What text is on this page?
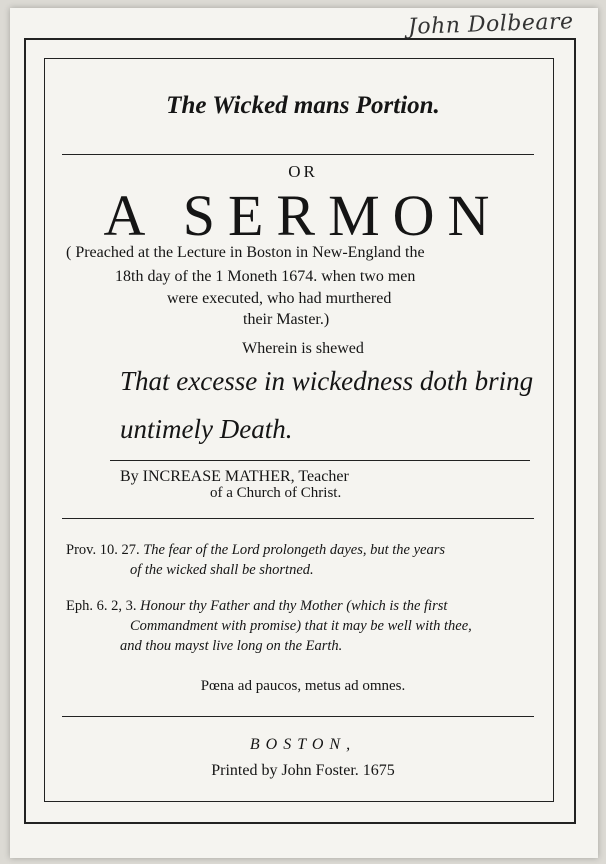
John Dolbeare
The Wicked mans Portion.
OR
A SERMON
( Preached at the Lecture in Boston in New-England the
18th day of the 1 Moneth 1674. when two men
were executed, who had murthered
their Master.)
Wherein is shewed
That excesse in wickedness doth bring
untimely Death.
By INCREASE MATHER, Teacher
of a Church of Christ.
Prov. 10. 27. The fear of the Lord prolongeth dayes, but the years
of the wicked shall be shortned.
Eph. 6. 2, 3. Honour thy Father and thy Mother (which is the first
Commandment with promise) that it may be well with thee,
and thou mayst live long on the Earth.
Pœna ad paucos, metus ad omnes.
BOSTON,
Printed by John Foster. 1675
